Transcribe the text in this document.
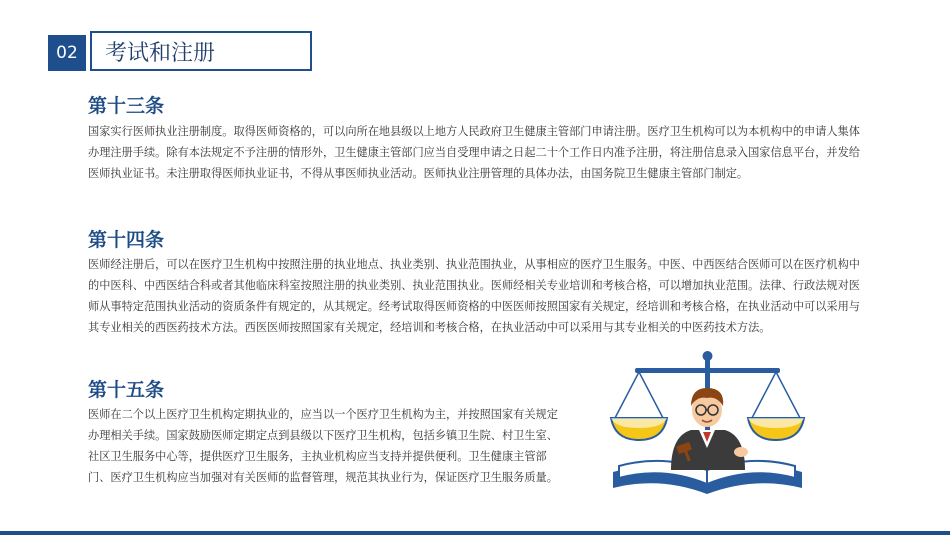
02	考试和注册
第十三条

国家实行医师执业注册制度。取得医师资格的，可以向所在地县级以上地方人民政府卫生健康主管部门申请注册。医疗卫生机构可以为本机构中的申请人集体办理注册手续。除有本法规定不予注册的情形外，卫生健康主管部门应当自受理申请之日起二十个工作日内准予注册，将注册信息录入国家信息平台，并发给医师执业证书。未注册取得医师执业证书，不得从事医师执业活动。医师执业注册管理的具体办法，由国务院卫生健康主管部门制定。

第十四条

医师经注册后，可以在医疗卫生机构中按照注册的执业地点、执业类别、执业范围执业，从事相应的医疗卫生服务。中医、中西医结合医师可以在医疗机构中的中医科、中西医结合科或者其他临床科室按照注册的执业类别、执业范围执业。医师经相关专业培训和考核合格，可以增加执业范围。法律、行政法规对医师从事特定范围执业活动的资质条件有规定的，从其规定。经考试取得医师资格的中医医师按照国家有关规定，经培训和考核合格，在执业活动中可以采用与其专业相关的西医药技术方法。西医医师按照国家有关规定，经培训和考核合格，在执业活动中可以采用与其专业相关的中医药技术方法。

第十五条

医师在二个以上医疗卫生机构定期执业的，应当以一个医疗卫生机构为主，并按照国家有关规定办理相关手续。国家鼓励医师定期定点到县级以下医疗卫生机构，包括乡镇卫生院、村卫生室、社区卫生服务中心等，提供医疗卫生服务，主执业机构应当支持并提供便利。卫生健康主管部门、医疗卫生机构应当加强对有关医师的监督管理，规范其执业行为，保证医疗卫生服务质量。
